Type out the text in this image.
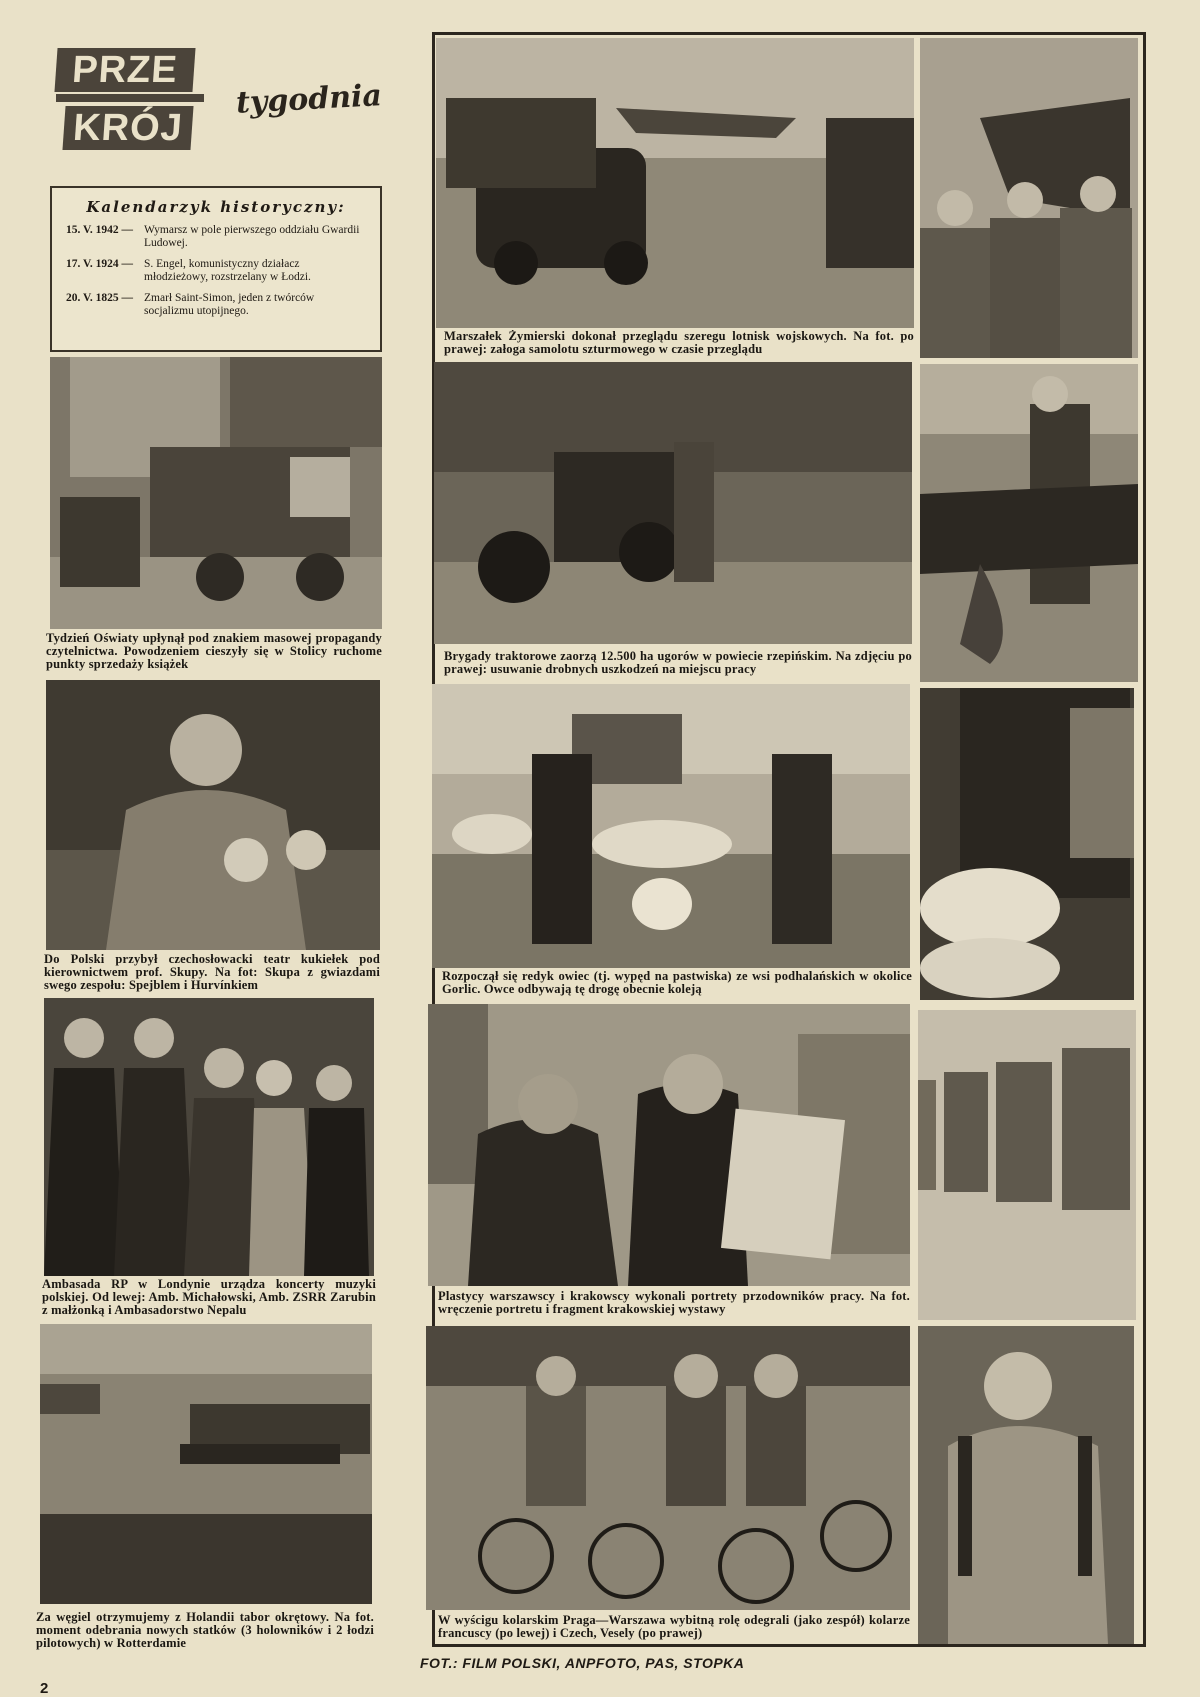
PRZE
KRÓJ
tygodnia
Kalendarzyk historyczny:
15. V. 1942 — Wymarsz w pole pierwszego oddziału Gwardii Ludowej.
17. V. 1924 — S. Engel, komunistyczny działacz młodzieżowy, rozstrzelany w Łodzi.
20. V. 1825 — Zmarł Saint-Simon, jeden z twórców socjalizmu utopijnego.
Tydzień Oświaty upłynął pod znakiem masowej propagandy czytelnictwa. Powodzeniem cieszyły się w Stolicy ruchome punkty sprzedaży książek
Do Polski przybył czechosłowacki teatr kukiełek pod kierownictwem prof. Skupy. Na fot: Skupa z gwiazdami swego zespołu: Spejblem i Hurvínkiem
Ambasada RP w Londynie urządza koncerty muzyki polskiej. Od lewej: Amb. Michałowski, Amb. ZSRR Zarubin z małżonką i Ambasadorstwo Nepalu
Za węgiel otrzymujemy z Holandii tabor okrętowy. Na fot. moment odebrania nowych statków (3 holowników i 2 łodzi pilotowych) w Rotterdamie
Marszałek Żymierski dokonał przeglądu szeregu lotnisk wojskowych. Na fot. po prawej: załoga samolotu szturmowego w czasie przeglądu
Brygady traktorowe zaorzą 12.500 ha ugorów w powiecie rzepińskim. Na zdjęciu po prawej: usuwanie drobnych uszkodzeń na miejscu pracy
Rozpoczął się redyk owiec (tj. wypęd na pastwiska) ze wsi podhalańskich w okolice Gorlic. Owce odbywają tę drogę obecnie koleją
Plastycy warszawscy i krakowscy wykonali portrety przodowników pracy. Na fot. wręczenie portretu i fragment krakowskiej wystawy
W wyścigu kolarskim Praga—Warszawa wybitną rolę odegrali (jako zespół) kolarze francuscy (po lewej) i Czech, Vesely (po prawej)
FOT.: FILM POLSKI, ANPFOTO, PAS, STOPKA
2
